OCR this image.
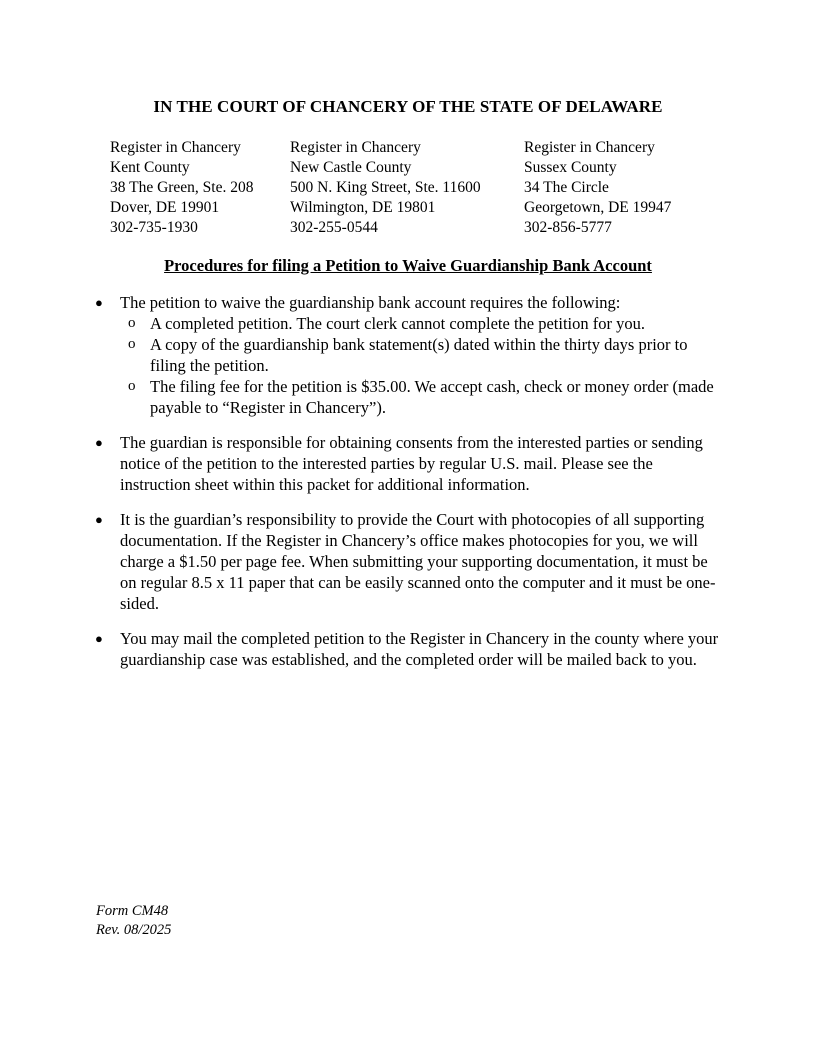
IN THE COURT OF CHANCERY OF THE STATE OF DELAWARE
Register in Chancery
Kent County
38 The Green, Ste. 208
Dover, DE 19901
302-735-1930
Register in Chancery
New Castle County
500 N. King Street, Ste. 11600
Wilmington, DE 19801
302-255-0544
Register in Chancery
Sussex County
34 The Circle
Georgetown, DE 19947
302-856-5777
Procedures for filing a Petition to Waive Guardianship Bank Account
● The petition to waive the guardianship bank account requires the following:
o A completed petition. The court clerk cannot complete the petition for you.
o A copy of the guardianship bank statement(s) dated within the thirty days prior to filing the petition.
o The filing fee for the petition is $35.00. We accept cash, check or money order (made payable to “Register in Chancery”).
● The guardian is responsible for obtaining consents from the interested parties or sending notice of the petition to the interested parties by regular U.S. mail. Please see the instruction sheet within this packet for additional information.
● It is the guardian’s responsibility to provide the Court with photocopies of all supporting documentation. If the Register in Chancery’s office makes photocopies for you, we will charge a $1.50 per page fee. When submitting your supporting documentation, it must be on regular 8.5 x 11 paper that can be easily scanned onto the computer and it must be one-sided.
● You may mail the completed petition to the Register in Chancery in the county where your guardianship case was established, and the completed order will be mailed back to you.
Form CM48
Rev. 08/2025
